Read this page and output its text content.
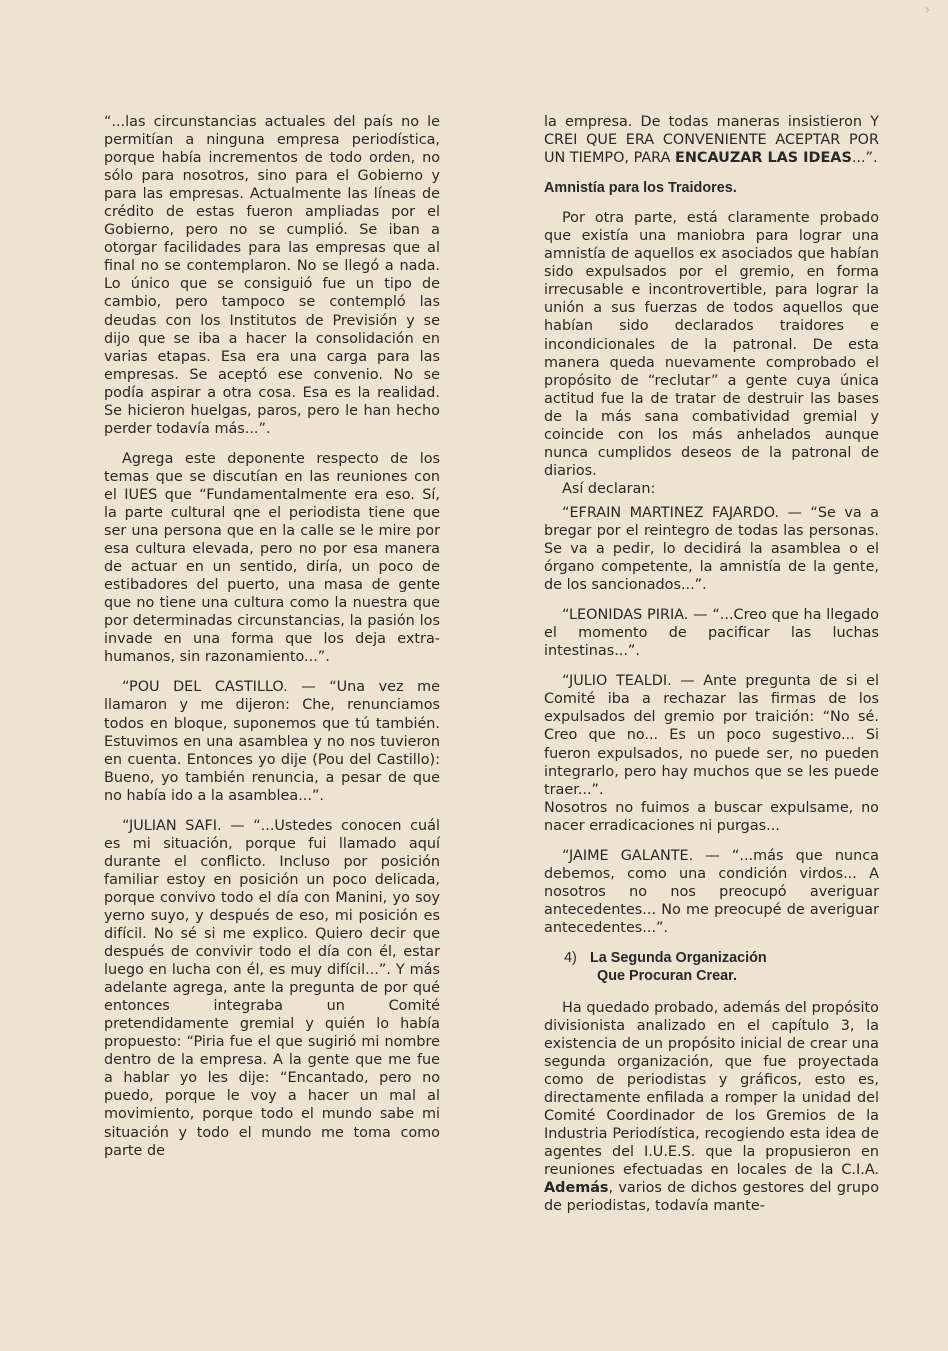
›

“...las circunstancias actuales del país no le permitían a ninguna empresa periodística, porque había incrementos de todo orden, no sólo para nosotros, sino para el Gobierno y para las empresas. Actualmente las líneas de crédito de estas fueron ampliadas por el Gobierno, pero no se cumplió. Se iban a otorgar facilidades para las empresas que al final no se contemplaron. No se llegó a nada. Lo único que se consiguió fue un tipo de cambio, pero tampoco se contempló las deudas con los Institutos de Previsión y se dijo que se iba a hacer la consolidación en varias etapas. Esa era una carga para las empresas. Se aceptó ese convenio. No se podía aspirar a otra cosa. Esa es la realidad. Se hicieron huelgas, paros, pero le han hecho perder todavía más...”.

Agrega este deponente respecto de los temas que se discutían en las reuniones con el IUES que “Fundamentalmente era eso. Sí, la parte cultural qne el periodista tiene que ser una persona que en la calle se le mire por esa cultura elevada, pero no por esa manera de actuar en un sentido, diría, un poco de estibadores del puerto, una masa de gente que no tiene una cultura como la nuestra que por determinadas circunstancias, la pasión los invade en una forma que los deja extra-humanos, sin razonamiento...”.

“POU DEL CASTILLO. — “Una vez me llamaron y me dijeron: Che, renunciamos todos en bloque, suponemos que tú también. Estuvimos en una asamblea y no nos tuvieron en cuenta. Entonces yo dije (Pou del Castillo): Bueno, yo también renuncia, a pesar de que no había ido a la asamblea...”.

“JULIAN SAFI. — “...Ustedes conocen cuál es mi situación, porque fui llamado aquí durante el conflicto. Incluso por posición familiar estoy en posición un poco delicada, porque convivo todo el día con Manini, yo soy yerno suyo, y después de eso, mi posición es difícil. No sé si me explico. Quiero decir que después de convivir todo el día con él, estar luego en lucha con él, es muy difícil...”. Y más adelante agrega, ante la pregunta de por qué entonces integraba un Comité pretendidamente gremial y quién lo había propuesto: “Piria fue el que sugirió mi nombre dentro de la empresa. A la gente que me fue a hablar yo les dije: “Encantado, pero no puedo, porque le voy a hacer un mal al movimiento, porque todo el mundo sabe mi situación y todo el mundo me toma como parte de

la empresa. De todas maneras insistieron Y CREI QUE ERA CONVENIENTE ACEPTAR POR UN TIEMPO, PARA ENCAUZAR LAS IDEAS...”.

Amnistía para los Traidores.

Por otra parte, está claramente probado que existía una maniobra para lograr una amnistía de aquellos ex asociados que habían sido expulsados por el gremio, en forma irrecusable e incontrovertible, para lograr la unión a sus fuerzas de todos aquellos que habían sido declarados traidores e incondicionales de la patronal. De esta manera queda nuevamente comprobado el propósito de “reclutar” a gente cuya única actitud fue la de tratar de destruir las bases de la más sana combatividad gremial y coincide con los más anhelados aunque nunca cumplidos deseos de la patronal de diarios.

Así declaran:

“EFRAIN MARTINEZ FAJARDO. — “Se va a bregar por el reintegro de todas las personas. Se va a pedir, lo decidirá la asamblea o el órgano competente, la amnistía de la gente, de los sancionados...”.

“LEONIDAS PIRIA. — “...Creo que ha llegado el momento de pacificar las luchas intestinas...”.

“JULIO TEALDI. — Ante pregunta de si el Comité iba a rechazar las firmas de los expulsados del gremio por traición: “No sé. Creo que no... Es un poco sugestivo... Si fueron expulsados, no puede ser, no pueden integrarlo, pero hay muchos que se les puede traer...”.

Nosotros no fuimos a buscar expulsame, no nacer erradicaciones ni purgas...

“JAIME GALANTE. — “...más que nunca debemos, como una condición virdos... A nosotros no nos preocupó averiguar antecedentes... No me preocupé de averiguar antecedentes...”.

4) La Segunda Organización
Que Procuran Crear.

Ha quedado probado, además del propósito divisionista analizado en el capítulo 3, la existencia de un propósito inicial de crear una segunda organización, que fue proyectada como de periodistas y gráficos, esto es, directamente enfilada a romper la unidad del Comité Coordinador de los Gremios de la Industria Periodística, recogiendo esta idea de agentes del I.U.E.S. que la propusieron en reuniones efectuadas en locales de la C.I.A. Además, varios de dichos gestores del grupo de periodistas, todavía mante-
